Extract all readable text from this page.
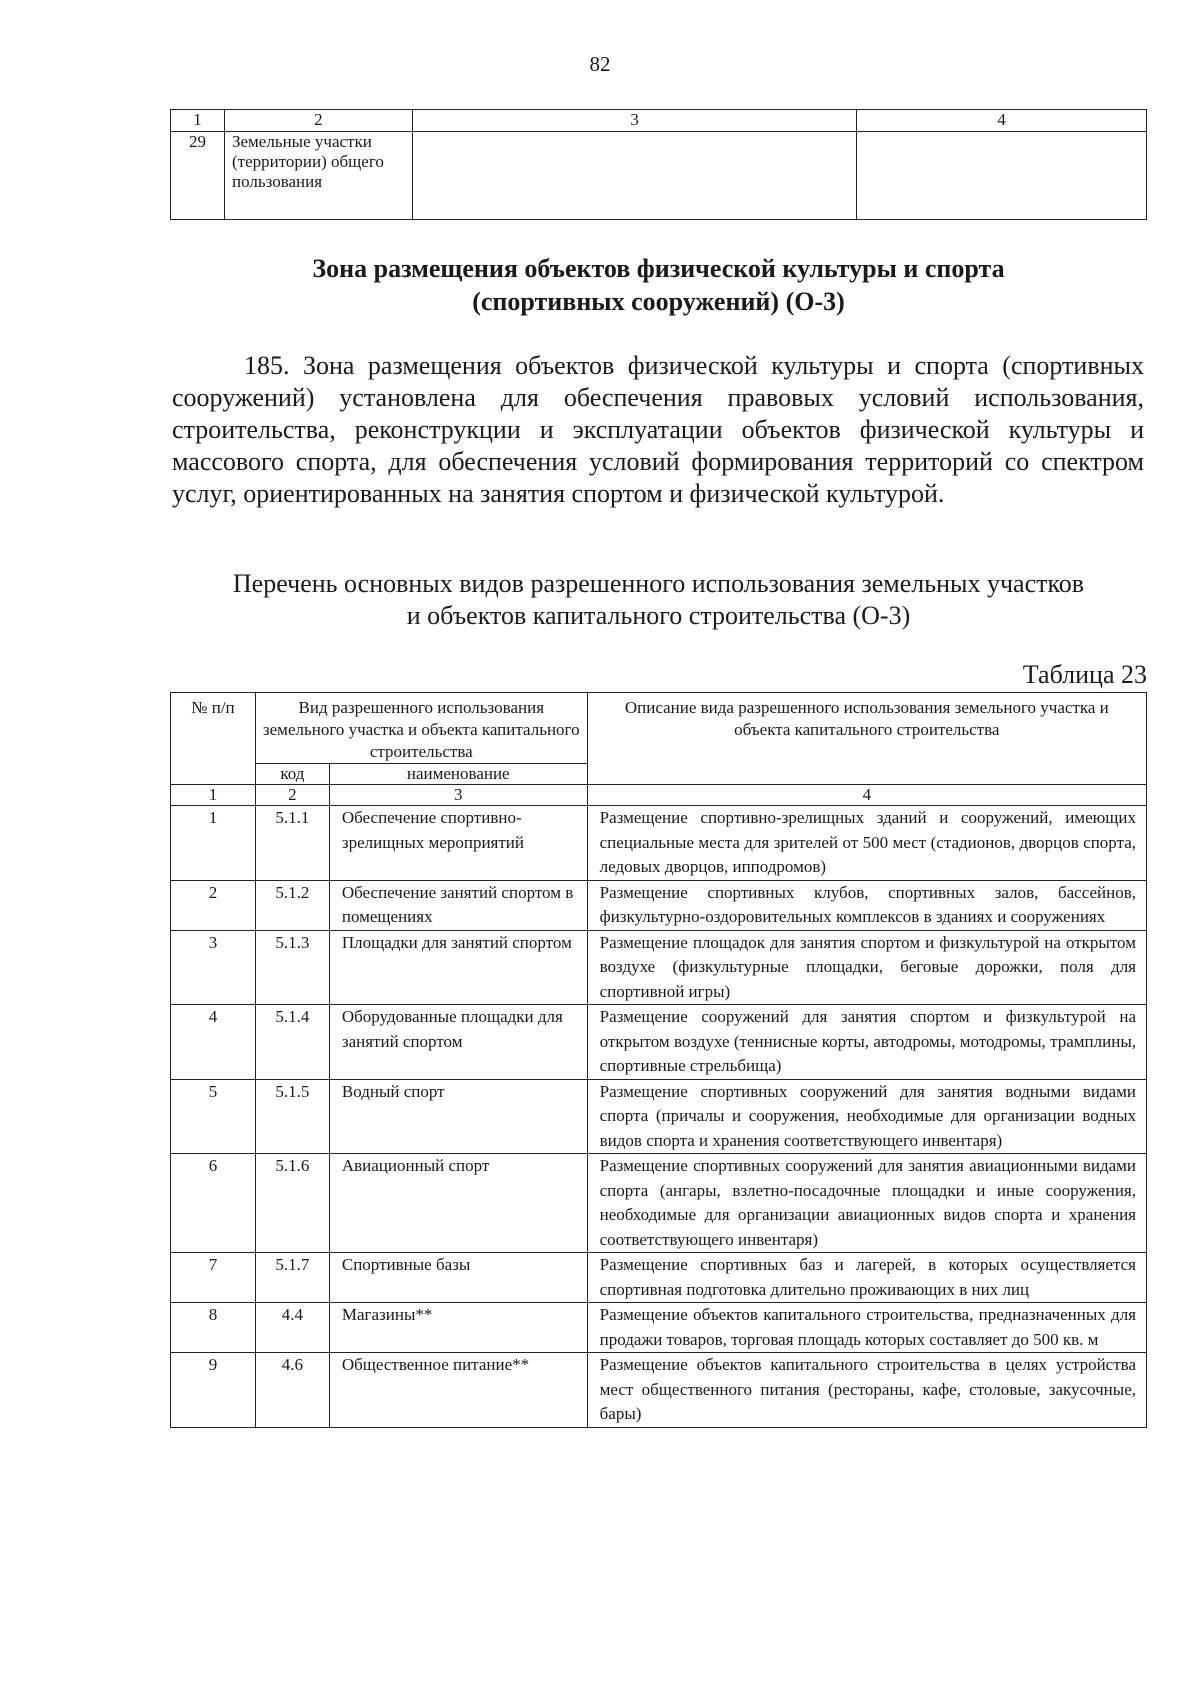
82
1	2	3	4
29	Земельные участки (территории) общего пользования		
Зона размещения объектов физической культуры и спорта
(спортивных сооружений) (О-3)

185. Зона размещения объектов физической культуры и спорта (спортивных сооружений) установлена для обеспечения правовых условий использования, строительства, реконструкции и эксплуатации объектов физической культуры и массового спорта, для обеспечения условий формирования территорий со спектром услуг, ориентированных на занятия спортом и физической культурой.

Перечень основных видов разрешенного использования земельных участков
и объектов капитального строительства (О-3)
Таблица 23
№ п/п	Вид разрешенного использования земельного участка и объекта капитального строительства		Описание вида разрешенного использования земельного участка и объекта капитального строительства
	код	наименование	
1	2	3	4
1	5.1.1	Обеспечение спортивно-зрелищных мероприятий	Размещение спортивно-зрелищных зданий и сооружений, имеющих специальные места для зрителей от 500 мест (стадионов, дворцов спорта, ледовых дворцов, ипподромов)
2	5.1.2	Обеспечение занятий спортом в помещениях	Размещение спортивных клубов, спортивных залов, бассейнов, физкультурно-оздоровительных комплексов в зданиях и сооружениях
3	5.1.3	Площадки для занятий спортом	Размещение площадок для занятия спортом и физкультурой на открытом воздухе (физкультурные площадки, беговые дорожки, поля для спортивной игры)
4	5.1.4	Оборудованные площадки для занятий спортом	Размещение сооружений для занятия спортом и физкультурой на открытом воздухе (теннисные корты, автодромы, мотодромы, трамплины, спортивные стрельбища)
5	5.1.5	Водный спорт	Размещение спортивных сооружений для занятия водными видами спорта (причалы и сооружения, необходимые для организации водных видов спорта и хранения соответствующего инвентаря)
6	5.1.6	Авиационный спорт	Размещение спортивных сооружений для занятия авиационными видами спорта (ангары, взлетно-посадочные площадки и иные сооружения, необходимые для организации авиационных видов спорта и хранения соответствующего инвентаря)
7	5.1.7	Спортивные базы	Размещение спортивных баз и лагерей, в которых осуществляется спортивная подготовка длительно проживающих в них лиц
8	4.4	Магазины**	Размещение объектов капитального строительства, предназначенных для продажи товаров, торговая площадь которых составляет до 500 кв. м
9	4.6	Общественное питание**	Размещение объектов капитального строительства в целях устройства мест общественного питания (рестораны, кафе, столовые, закусочные, бары)
